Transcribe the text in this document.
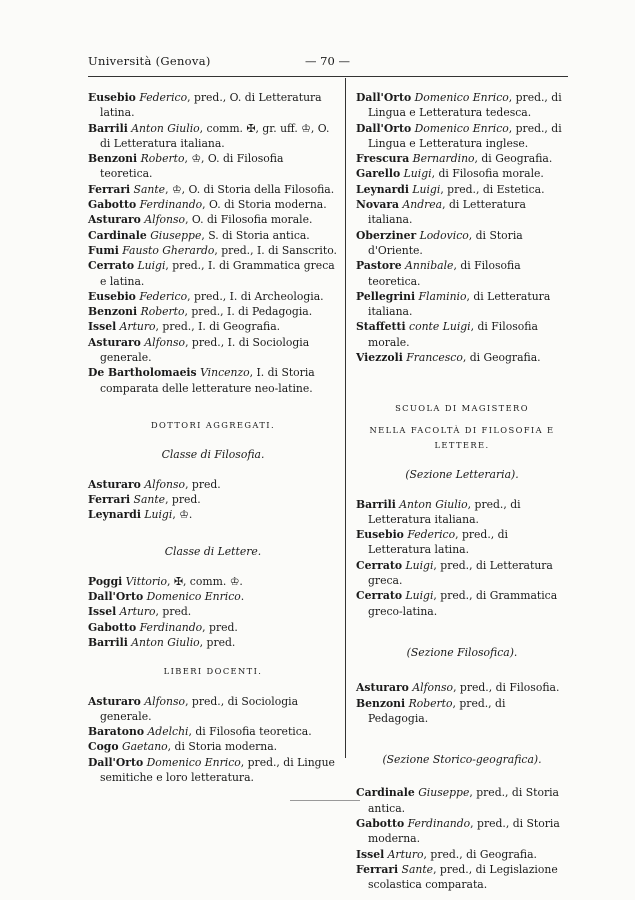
Università (Genova)	— 70 —

Eusebio Federico, pred., O. di Letteratura latina.

Barrili Anton Giulio, comm. ✠, gr. uff. ♔, O. di Letteratura italiana.

Benzoni Roberto, ♔, O. di Filosofia teoretica.

Ferrari Sante, ♔, O. di Storia della Filosofia.

Gabotto Ferdinando, O. di Storia moderna.

Asturaro Alfonso, O. di Filosofia morale.

Cardinale Giuseppe, S. di Storia antica.

Fumi Fausto Gherardo, pred., I. di Sanscrito.

Cerrato Luigi, pred., I. di Grammatica greca e latina.

Eusebio Federico, pred., I. di Archeologia.

Benzoni Roberto, pred., I. di Pedagogia.

Issel Arturo, pred., I. di Geografia.

Asturaro Alfonso, pred., I. di Sociologia generale.

De Bartholomaeis Vincenzo, I. di Storia comparata delle letterature neo-latine.

DOTTORI AGGREGATI.
Classe di Filosofia.

Asturaro Alfonso, pred.

Ferrari Sante, pred.

Leynardi Luigi, ♔.

Classe di Lettere.

Poggi Vittorio, ✠, comm. ♔.

Dall'Orto Domenico Enrico.

Issel Arturo, pred.

Gabotto Ferdinando, pred.

Barrili Anton Giulio, pred.

LIBERI DOCENTI.

Asturaro Alfonso, pred., di Sociologia generale.

Baratono Adelchi, di Filosofia teoretica.

Cogo Gaetano, di Storia moderna.

Dall'Orto Domenico Enrico, pred., di Lingue semitiche e loro letteratura.

Dall'Orto Domenico Enrico, pred., di Lingua e Letteratura tedesca.

Dall'Orto Domenico Enrico, pred., di Lingua e Letteratura inglese.

Frescura Bernardino, di Geografia.

Garello Luigi, di Filosofia morale.

Leynardi Luigi, pred., di Estetica.

Novara Andrea, di Letteratura italiana.

Oberziner Lodovico, di Storia d'Oriente.

Pastore Annibale, di Filosofia teoretica.

Pellegrini Flaminio, di Letteratura italiana.

Staffetti conte Luigi, di Filosofia morale.

Viezzoli Francesco, di Geografia.

SCUOLA DI MAGISTERO
NELLA FACOLTÀ DI FILOSOFIA E LETTERE.
(Sezione Letteraria).

Barrili Anton Giulio, pred., di Letteratura italiana.

Eusebio Federico, pred., di Letteratura latina.

Cerrato Luigi, pred., di Letteratura greca.

Cerrato Luigi, pred., di Grammatica greco-latina.

(Sezione Filosofica).

Asturaro Alfonso, pred., di Filosofia.

Benzoni Roberto, pred., di Pedagogia.

(Sezione Storico-geografica).

Cardinale Giuseppe, pred., di Storia antica.

Gabotto Ferdinando, pred., di Storia moderna.

Issel Arturo, pred., di Geografia.

Ferrari Sante, pred., di Legislazione scolastica comparata.
